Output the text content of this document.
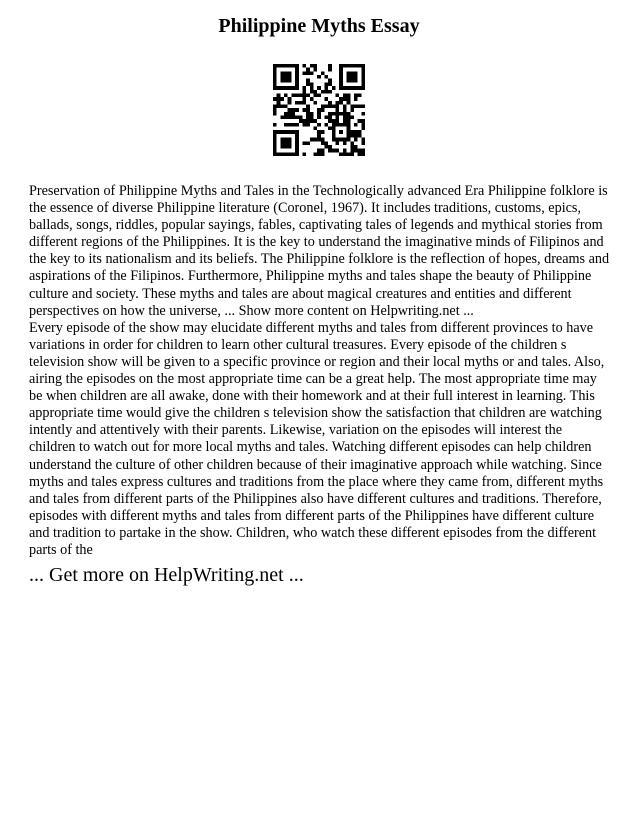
Philippine Myths Essay

Preservation of Philippine Myths and Tales in the Technologically advanced Era Philippine folklore is the essence of diverse Philippine literature (Coronel, 1967). It includes traditions, customs, epics, ballads, songs, riddles, popular sayings, fables, captivating tales of legends and mythical stories from different regions of the Philippines. It is the key to understand the imaginative minds of Filipinos and the key to its nationalism and its beliefs. The Philippine folklore is the reflection of hopes, dreams and aspirations of the Filipinos. Furthermore, Philippine myths and tales shape the beauty of Philippine culture and society. These myths and tales are about magical creatures and entities and different perspectives on how the universe, ... Show more content on Helpwriting.net ...

Every episode of the show may elucidate different myths and tales from different provinces to have variations in order for children to learn other cultural treasures. Every episode of the children s television show will be given to a specific province or region and their local myths or and tales. Also, airing the episodes on the most appropriate time can be a great help. The most appropriate time may be when children are all awake, done with their homework and at their full interest in learning. This appropriate time would give the children s television show the satisfaction that children are watching intently and attentively with their parents. Likewise, variation on the episodes will interest the children to watch out for more local myths and tales. Watching different episodes can help children understand the culture of other children because of their imaginative approach while watching. Since myths and tales express cultures and traditions from the place where they came from, different myths and tales from different parts of the Philippines also have different cultures and traditions. Therefore, episodes with different myths and tales from different parts of the Philippines have different culture and tradition to partake in the show. Children, who watch these different episodes from the different parts of the

... Get more on HelpWriting.net ...
